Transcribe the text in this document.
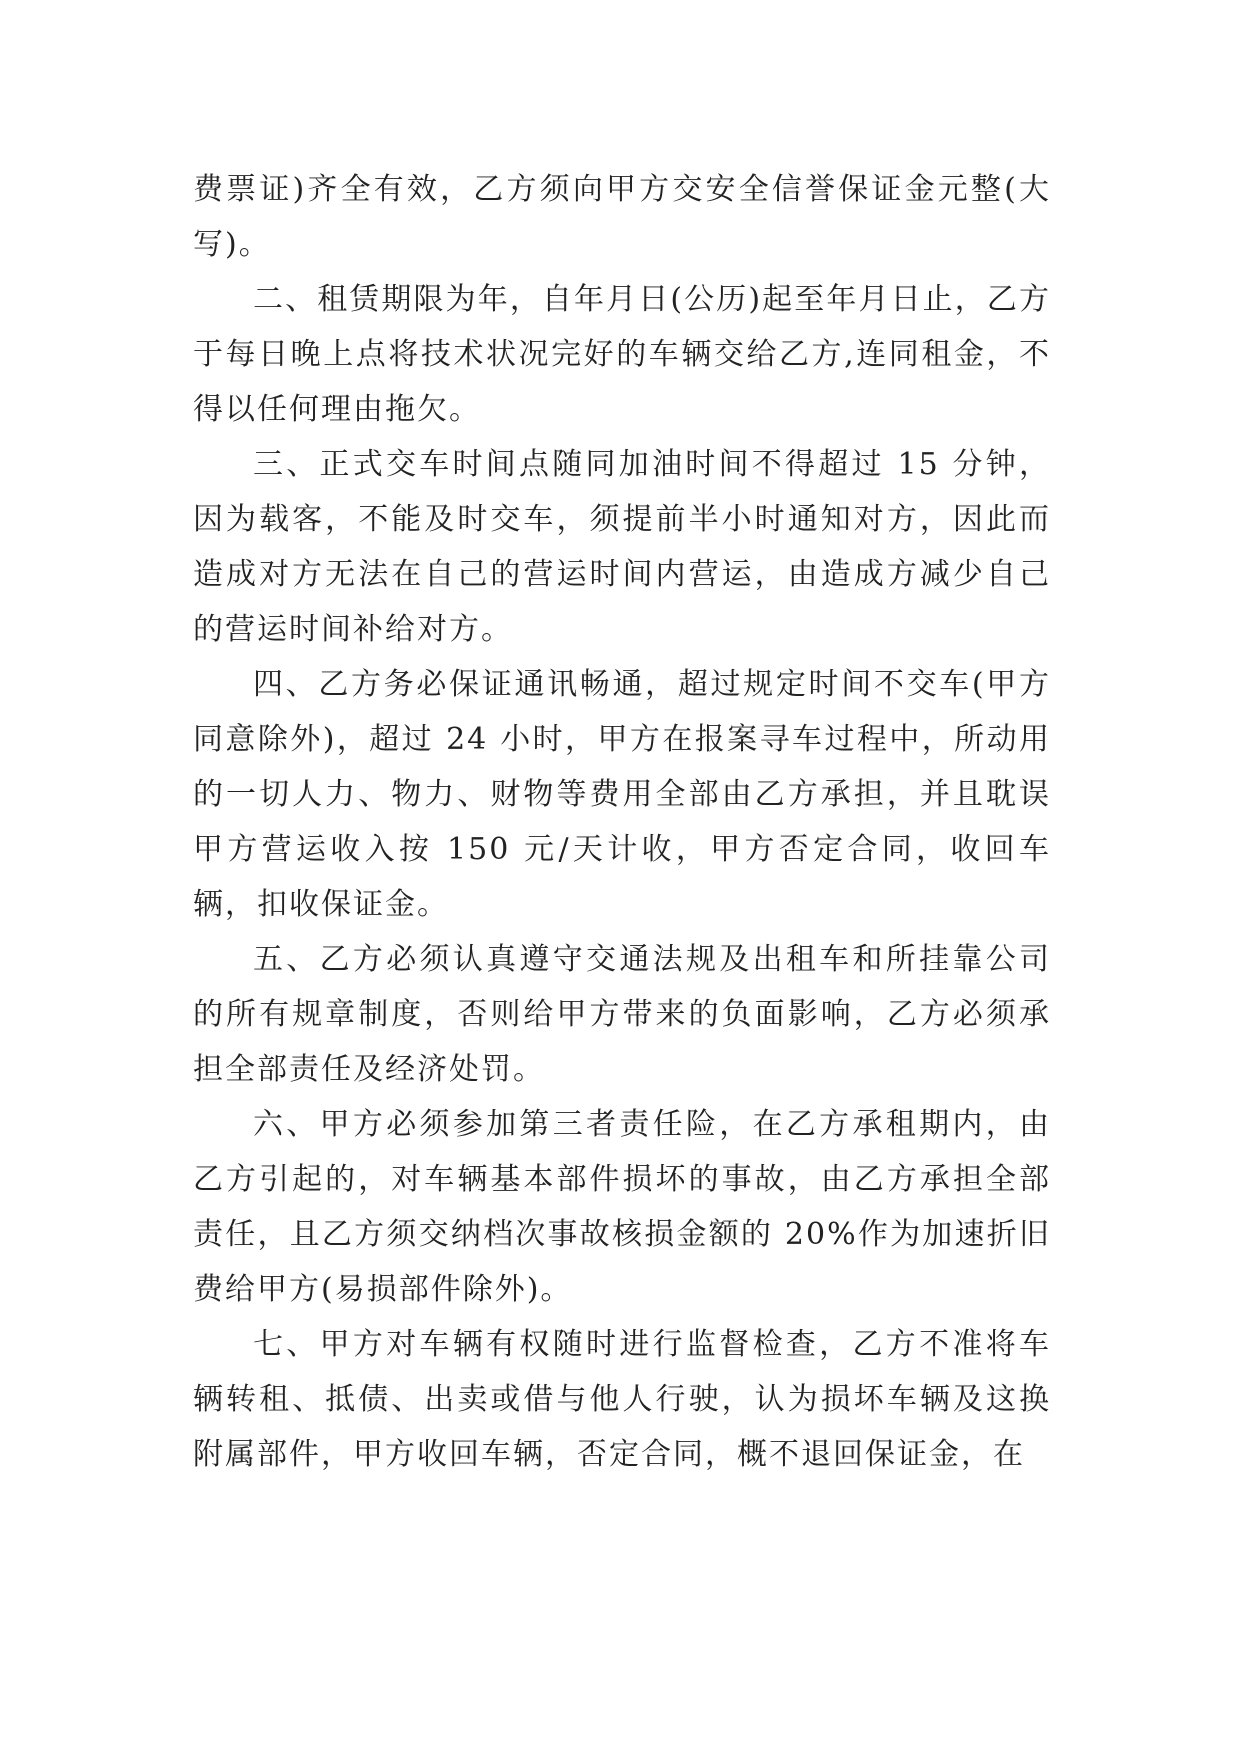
费票证)齐全有效，乙方须向甲方交安全信誉保证金元整(大写)。

二、租赁期限为年，自年月日(公历)起至年月日止，乙方于每日晚上点将技术状况完好的车辆交给乙方,连同租金，不得以任何理由拖欠。

三、正式交车时间点随同加油时间不得超过 15 分钟，因为载客，不能及时交车，须提前半小时通知对方，因此而造成对方无法在自己的营运时间内营运，由造成方减少自己的营运时间补给对方。

四、乙方务必保证通讯畅通，超过规定时间不交车(甲方同意除外)，超过 24 小时，甲方在报案寻车过程中，所动用的一切人力、物力、财物等费用全部由乙方承担，并且耽误甲方营运收入按 150 元/天计收，甲方否定合同，收回车辆，扣收保证金。

五、乙方必须认真遵守交通法规及出租车和所挂靠公司的所有规章制度，否则给甲方带来的负面影响，乙方必须承担全部责任及经济处罚。

六、甲方必须参加第三者责任险，在乙方承租期内，由乙方引起的，对车辆基本部件损坏的事故，由乙方承担全部责任，且乙方须交纳档次事故核损金额的 20%作为加速折旧费给甲方(易损部件除外)。

七、甲方对车辆有权随时进行监督检查，乙方不准将车辆转租、抵债、出卖或借与他人行驶，认为损坏车辆及这换附属部件，甲方收回车辆，否定合同，概不退回保证金，在
